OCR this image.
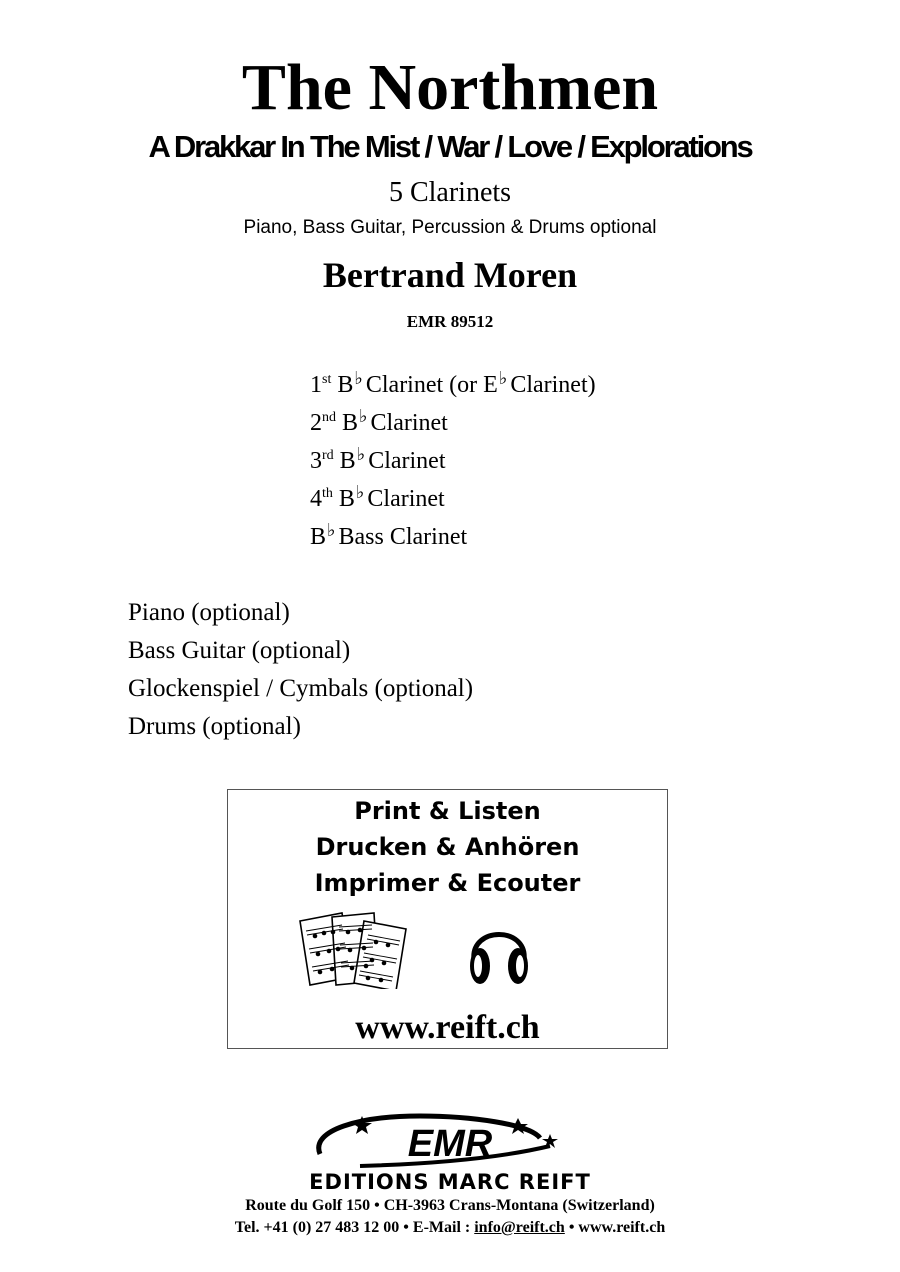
The Northmen
A Drakkar In The Mist / War / Love / Explorations
5 Clarinets
Piano, Bass Guitar, Percussion & Drums optional
Bertrand Moren
EMR 89512
1st B♭ Clarinet (or E♭ Clarinet)
2nd B♭ Clarinet
3rd B♭ Clarinet
4th B♭ Clarinet
B♭ Bass Clarinet
Piano (optional)
Bass Guitar (optional)
Glockenspiel / Cymbals (optional)
Drums (optional)
Print & Listen
Drucken & Anhören
Imprimer & Ecouter
www.reift.ch
EMR
EDITIONS MARC REIFT
Route du Golf 150 • CH-3963 Crans-Montana (Switzerland)
Tel. +41 (0) 27 483 12 00 • E-Mail : info@reift.ch • www.reift.ch
